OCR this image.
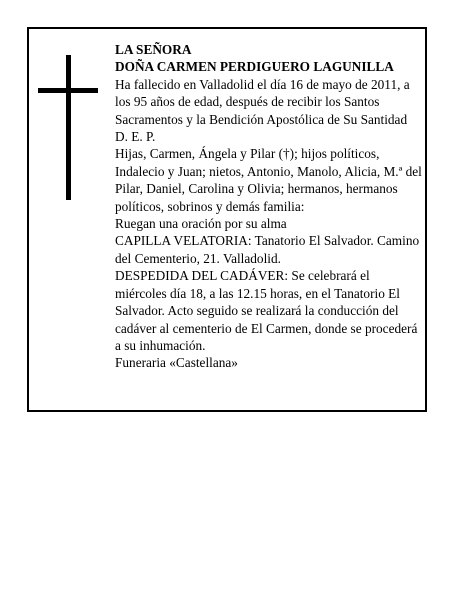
LA SEÑORA

DOÑA CARMEN PERDIGUERO LAGUNILLA

Ha fallecido en Valladolid el día 16 de mayo de 2011, a los 95 años de edad, después de recibir los Santos Sacramentos y la Bendición Apostólica de Su Santidad

D. E. P.

Hijas, Carmen, Ángela y Pilar (†); hijos políticos, Indalecio y Juan; nietos, Antonio, Manolo, Alicia, M.ª del Pilar, Daniel, Carolina y Olivia; hermanos, hermanos políticos, sobrinos y demás familia:

Ruegan una oración por su alma

CAPILLA VELATORIA: Tanatorio El Salvador. Camino del Cementerio, 21. Valladolid.

DESPEDIDA DEL CADÁVER: Se celebrará el miércoles día 18, a las 12.15 horas, en el Tanatorio El Salvador. Acto seguido se realizará la conducción del cadáver al cementerio de El Carmen, donde se procederá a su inhumación.

Funeraria «Castellana»
